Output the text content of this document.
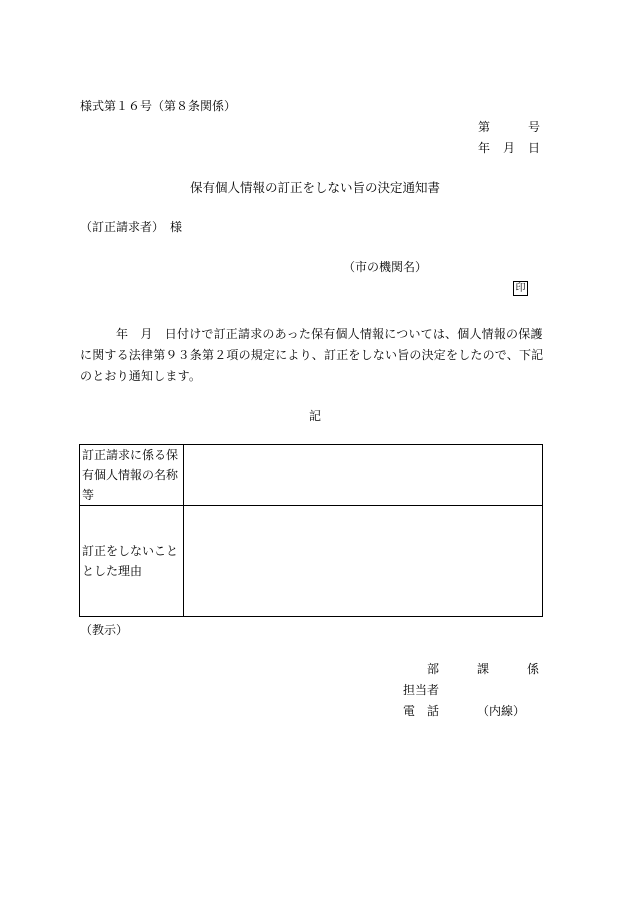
様式第１６号（第８条関係）
第	号
年 月 日
保有個人情報の訂正をしない旨の決定通知書
（訂正請求者）　様
（市の機関名）
印
年　月　日付けで訂正請求のあった保有個人情報については、個人情報の保護に関する法律第９３条第２項の規定により、訂正をしない旨の決定をしたので、下記のとおり通知します。
記
訂正請求に係る保有個人情報の名称等	
訂正をしないこととした理由	
（教示）
部	課	係
担当者
電　話	（内線）
